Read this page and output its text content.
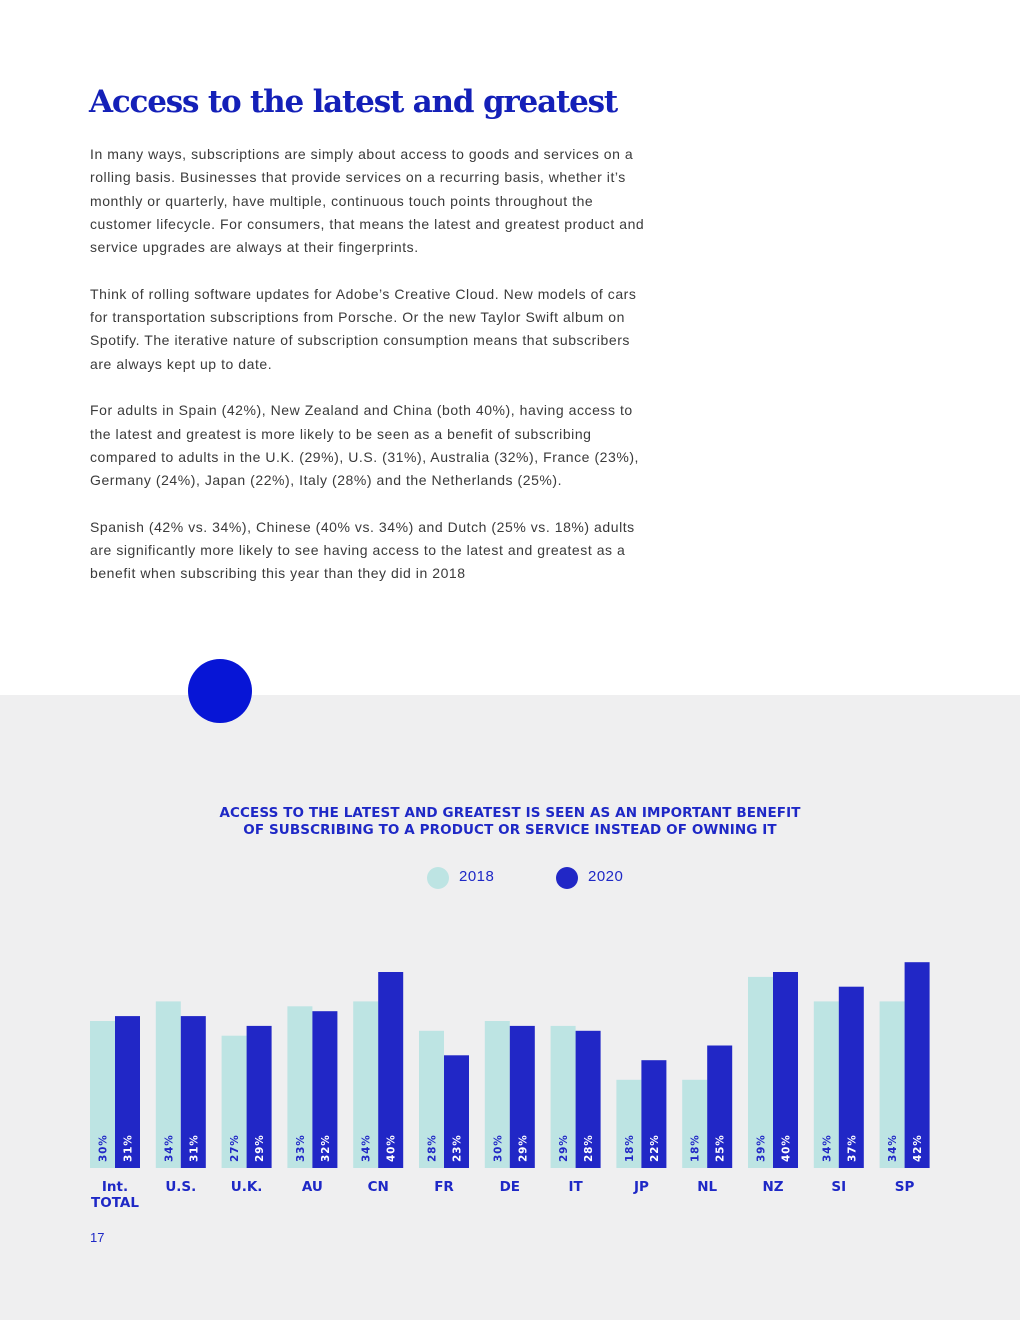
Access to the latest and greatest

In many ways, subscriptions are simply about access to goods and services on a rolling basis. Businesses that provide services on a recurring basis, whether it’s monthly or quarterly, have multiple, continuous touch points throughout the customer lifecycle. For consumers, that means the latest and greatest product and service upgrades are always at their fingerprints.

Think of rolling software updates for Adobe’s Creative Cloud. New models of cars for transportation subscriptions from Porsche. Or the new Taylor Swift album on Spotify. The iterative nature of subscription consumption means that subscribers are always kept up to date.

For adults in Spain (42%), New Zealand and China (both 40%), having access to the latest and greatest is more likely to be seen as a benefit of subscribing compared to adults in the U.K. (29%), U.S. (31%), Australia (32%), France (23%), Germany (24%), Japan (22%), Italy (28%) and the Netherlands (25%).

Spanish (42% vs. 34%), Chinese (40% vs. 34%) and Dutch (25% vs. 18%) adults are significantly more likely to see having access to the latest and greatest as a benefit when subscribing this year than they did in 2018

ACCESS TO THE LATEST AND GREATEST IS SEEN AS AN IMPORTANT BENEFIT
OF SUBSCRIBING TO A PRODUCT OR SERVICE INSTEAD OF OWNING IT
2018	2020
30% 31%
Int.
TOTAL
34% 31%
U.S.
27% 29%
U.K.
33% 32%
AU
34% 40%
CN
28% 23%
FR
30% 29%
DE
29% 28%
IT
18% 22%
JP
18% 25%
NL
39% 40%
NZ
34% 37%
SI
34% 42%
SP
17
